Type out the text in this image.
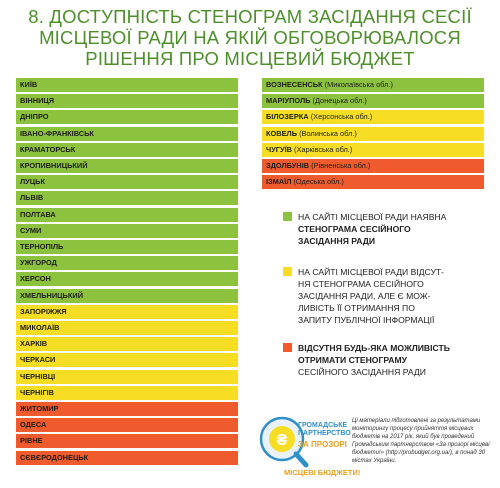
8. ДОСТУПНІСТЬ СТЕНОГРАМ ЗАСІДАННЯ СЕСІЇ
МІСЦЕВОЇ РАДИ НА ЯКІЙ ОБГОВОРЮВАЛОСЯ
РІШЕННЯ ПРО МІСЦЕВИЙ БЮДЖЕТ
КИЇВ
ВІННИЦЯ
ДНІПРО
ІВАНО-ФРАНКІВСЬК
КРАМАТОРСЬК
КРОПИВНИЦЬКИЙ
ЛУЦЬК
ЛЬВІВ
ПОЛТАВА
СУМИ
ТЕРНОПІЛЬ
УЖГОРОД
ХЕРСОН
ХМЕЛЬНИЦЬКИЙ
ЗАПОРІЖЖЯ
МИКОЛАЇВ
ХАРКІВ
ЧЕРКАСИ
ЧЕРНІВЦІ
ЧЕРНІГІВ
ЖИТОМИР
ОДЕСА
РІВНЕ
СЄВЄРОДОНЕЦЬК
ВОЗНЕСЕНСЬК (Миколаївська обл.)
МАРІУПОЛЬ (Донецька обл.)
БІЛОЗЕРКА (Херсонська обл.)
КОВЕЛЬ (Волинська обл.)
ЧУГУЇВ (Харківська обл.)
ЗДОЛБУНІВ (Рівненська обл.)
ІЗМАЇЛ (Одеська обл.)
НА САЙТІ МІСЦЕВОЇ РАДИ НАЯВНА
СТЕНОГРАМА СЕСІЙНОГО
ЗАСІДАННЯ РАДИ
НА САЙТІ МІСЦЕВОЇ РАДИ ВІДСУТ-
НЯ СТЕНОГРАМА СЕСІЙНОГО
ЗАСІДАННЯ РАДИ, АЛЕ Є МОЖ-
ЛИВІСТЬ ЇЇ ОТРИМАННЯ ПО
ЗАПИТУ ПУБЛІЧНОЇ ІНФОРМАЦІЇ
ВІДСУТНЯ БУДЬ-ЯКА МОЖЛИВІСТЬ
ОТРИМАТИ СТЕНОГРАМУ
СЕСІЙНОГО ЗАСІДАННЯ РАДИ
₴
ГРОМАДСЬКЕ
ПАРТНЕРСТВО
ЗА ПРОЗОРІ
МІСЦЕВІ БЮДЖЕТИ!
Ці матеріали підготовлені за результатами моніторингу процесу прийняття місцевих бюджетів на 2017 рік, який був проведений Громадським партнерством «За прозорі місцеві бюджети!» (http://probudget.org.ua/), в понад 30 містах України.
